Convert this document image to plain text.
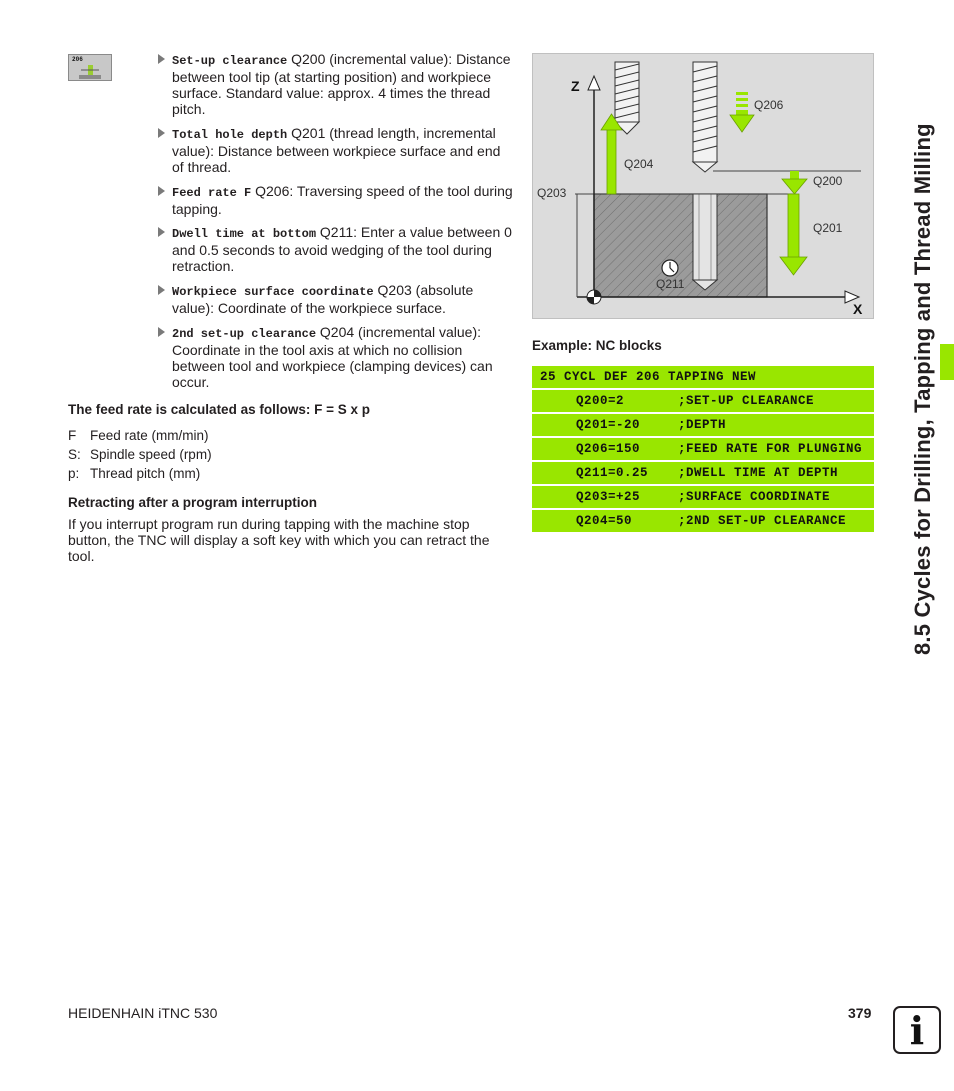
206	Set-up clearance Q200 (incremental value): Distance between tool tip (at starting position) and workpiece surface. Standard value: approx. 4 times the thread pitch.
Total hole depth Q201 (thread length, incremental value): Distance between workpiece surface and end of thread.
Feed rate F Q206: Traversing speed of the tool during tapping.
Dwell time at bottom Q211: Enter a value between 0 and 0.5 seconds to avoid wedging of the tool during retraction.
Workpiece surface coordinate Q203 (absolute value): Coordinate of the workpiece surface.
2nd set-up clearance Q204 (incremental value): Coordinate in the tool axis at which no collision between tool and workpiece (clamping devices) can occur.
The feed rate is calculated as follows: F = S x p
F Feed rate (mm/min)
S: Spindle speed (rpm)
p: Thread pitch (mm)
Retracting after a program interruption
If you interrupt program run during tapping with the machine stop button, the TNC will display a soft key with which you can retract the tool.
Z
X
Q206
Q204
Q200
Q203
Q201
Q211
Example: NC blocks
25 CYCL DEF 206 TAPPING NEW
Q200=2	;SET-UP CLEARANCE
Q201=-20	;DEPTH
Q206=150	;FEED RATE FOR PLUNGING
Q211=0.25 ;DWELL TIME AT DEPTH
Q203=+25	;SURFACE COORDINATE
Q204=50	;2ND SET-UP CLEARANCE	8.5 Cycles for Drilling, Tapping and Thread Milling
HEIDENHAIN iTNC 530	379	i
